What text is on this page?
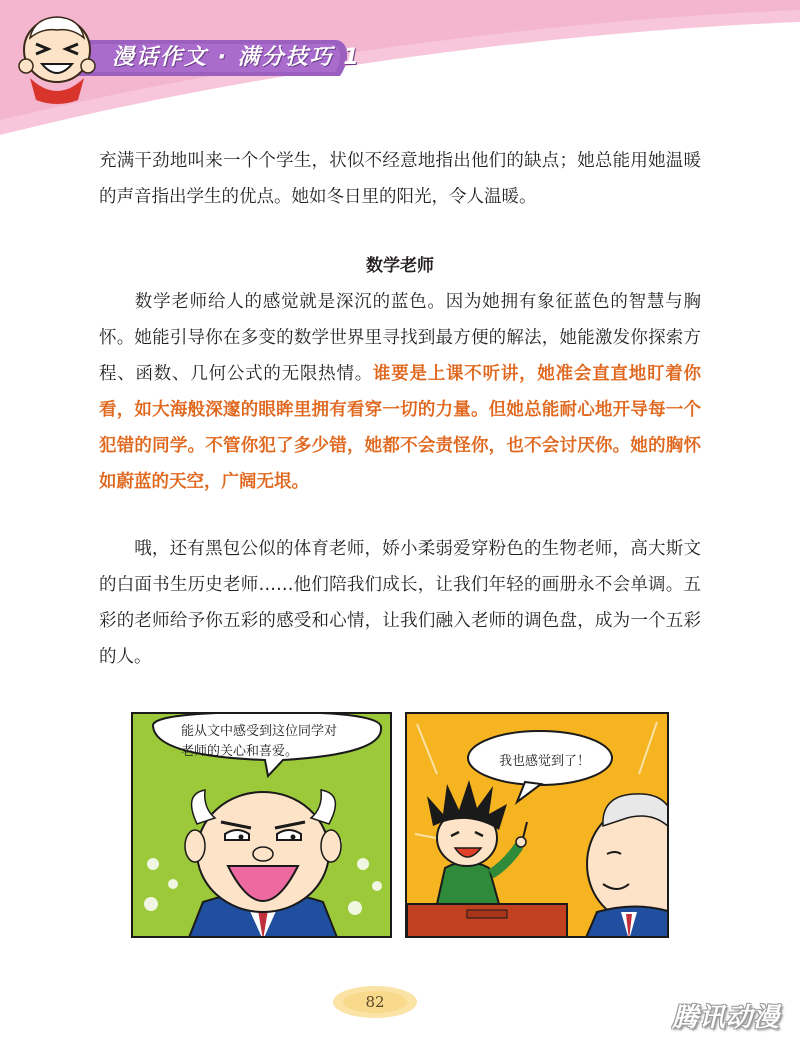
漫话作文 · 满分技巧 1

充满干劲地叫来一个个学生，状似不经意地指出他们的缺点；她总能用她温暖的声音指出学生的优点。她如冬日里的阳光，令人温暖。

数学老师

数学老师给人的感觉就是深沉的蓝色。因为她拥有象征蓝色的智慧与胸怀。她能引导你在多变的数学世界里寻找到最方便的解法，她能激发你探索方程、函数、几何公式的无限热情。谁要是上课不听讲，她准会直直地盯着你看，如大海般深邃的眼眸里拥有看穿一切的力量。但她总能耐心地开导每一个犯错的同学。不管你犯了多少错，她都不会责怪你，也不会讨厌你。她的胸怀如蔚蓝的天空，广阔无垠。

哦，还有黑包公似的体育老师，娇小柔弱爱穿粉色的生物老师，高大斯文的白面书生历史老师……他们陪我们成长，让我们年轻的画册永不会单调。五彩的老师给予你五彩的感受和心情，让我们融入老师的调色盘，成为一个五彩的人。

能从文中感受到这位同学对
老师的关心和喜爱。
我也感觉到了！
82
腾讯动漫
